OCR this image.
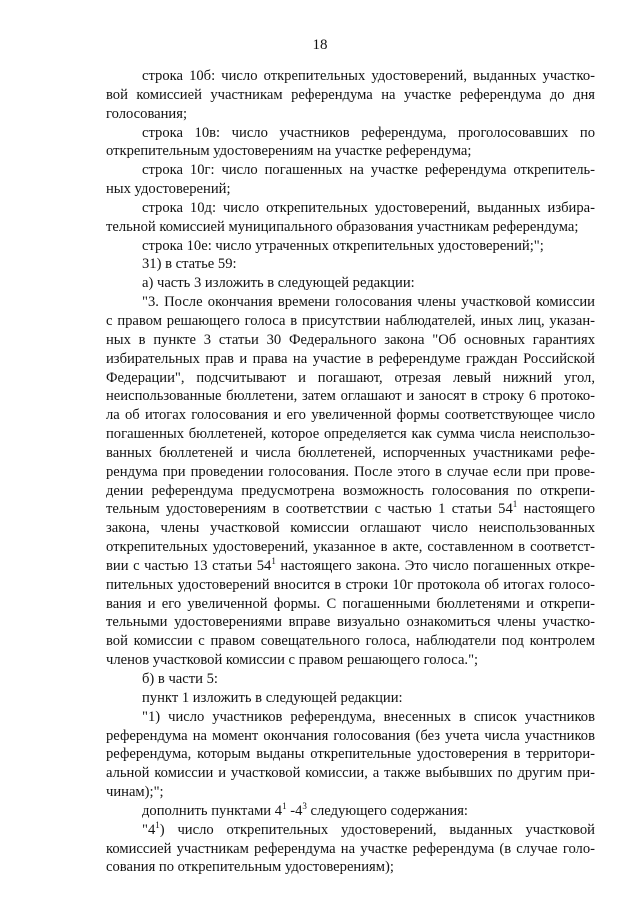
18
строка 10б: число открепительных удостоверений, выданных участко-
вой комиссией участникам референдума на участке референдума до дня
голосования;
строка 10в: число участников референдума, проголосовавших по
открепительным удостоверениям на участке референдума;
строка 10г: число погашенных на участке референдума открепитель-
ных удостоверений;
строка 10д: число открепительных удостоверений, выданных избира-
тельной комиссией муниципального образования участникам референдума;
строка 10е: число утраченных открепительных удостоверений;";
31) в статье 59:
а) часть 3 изложить в следующей редакции:
"3. После окончания времени голосования члены участковой комиссии
с правом решающего голоса в присутствии наблюдателей, иных лиц, указан-
ных в пункте 3 статьи 30 Федерального закона "Об основных гарантиях
избирательных прав и права на участие в референдуме граждан Российской
Федерации", подсчитывают и погашают, отрезая левый нижний угол,
неиспользованные бюллетени, затем оглашают и заносят в строку 6 протоко-
ла об итогах голосования и его увеличенной формы соответствующее число
погашенных бюллетеней, которое определяется как сумма числа неиспользо-
ванных бюллетеней и числа бюллетеней, испорченных участниками рефе-
рендума при проведении голосования. После этого в случае если при прове-
дении референдума предусмотрена возможность голосования по открепи-
тельным удостоверениям в соответствии с частью 1 статьи $54^1$ настоящего
закона, члены участковой комиссии оглашают число неиспользованных
открепительных удостоверений, указанное в акте, составленном в соответст-
вии с частью 13 статьи $54^1$ настоящего закона. Это число погашенных откре-
пительных удостоверений вносится в строки 10г протокола об итогах голосо-
вания и его увеличенной формы. С погашенными бюллетенями и открепи-
тельными удостоверениями вправе визуально ознакомиться члены участко-
вой комиссии с правом совещательного голоса, наблюдатели под контролем
членов участковой комиссии с правом решающего голоса.";
б) в части 5:
пункт 1 изложить в следующей редакции:
"1) число участников референдума, внесенных в список участников
референдума на момент окончания голосования (без учета числа участников
референдума, которым выданы открепительные удостоверения в территори-
альной комиссии и участковой комиссии, а также выбывших по другим при-
чинам);";
дополнить пунктами $4^1$ $-4^3$ следующего содержания:
"$4^1$) число открепительных удостоверений, выданных участковой
комиссией участникам референдума на участке референдума (в случае голо-
сования по открепительным удостоверениям);
